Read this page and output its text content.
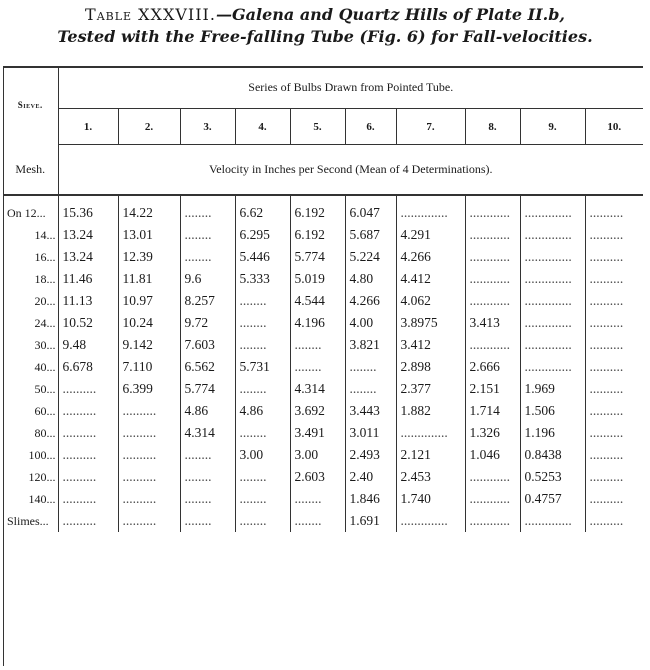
Table XXXVIII.—Galena and Quartz Hills of Plate II.b,
Tested with the Free-falling Tube (Fig. 6) for Fall-velocities.
Sieve.	Series of Bulbs Drawn from Pointed Tube.									
	1.	2.	3.	4.	5.	6.	7.	8.	9.	10.
Mesh.	Velocity in Inches per Second (Mean of 4 Determinations).									
On 12...	15.36	14.22	........	6.62	6.192	6.047	..............	............	..............	..........
14...	13.24	13.01	........	6.295	6.192	5.687	4.291	............	..............	..........
16...	13.24	12.39	........	5.446	5.774	5.224	4.266	............	..............	..........
18...	11.46	11.81	9.6	5.333	5.019	4.80	4.412	............	..............	..........
20...	11.13	10.97	8.257	........	4.544	4.266	4.062	............	..............	..........
24...	10.52	10.24	9.72	........	4.196	4.00	3.8975	3.413	..............	..........
30...	9.48	9.142	7.603	........	........	3.821	3.412	............	..............	..........
40...	6.678	7.110	6.562	5.731	........	........	2.898	2.666	..............	..........
50...	..........	6.399	5.774	........	4.314	........	2.377	2.151	1.969	..........
60...	..........	..........	4.86	4.86	3.692	3.443	1.882	1.714	1.506	..........
80...	..........	..........	4.314	........	3.491	3.011	..............	1.326	1.196	..........
100...	..........	..........	........	3.00	3.00	2.493	2.121	1.046	0.8438	..........
120...	..........	..........	........	........	2.603	2.40	2.453	............	0.5253	..........
140...	..........	..........	........	........	........	1.846	1.740	............	0.4757	..........
Slimes...	..........	..........	........	........	........	1.691	..............	............	..............	..........
